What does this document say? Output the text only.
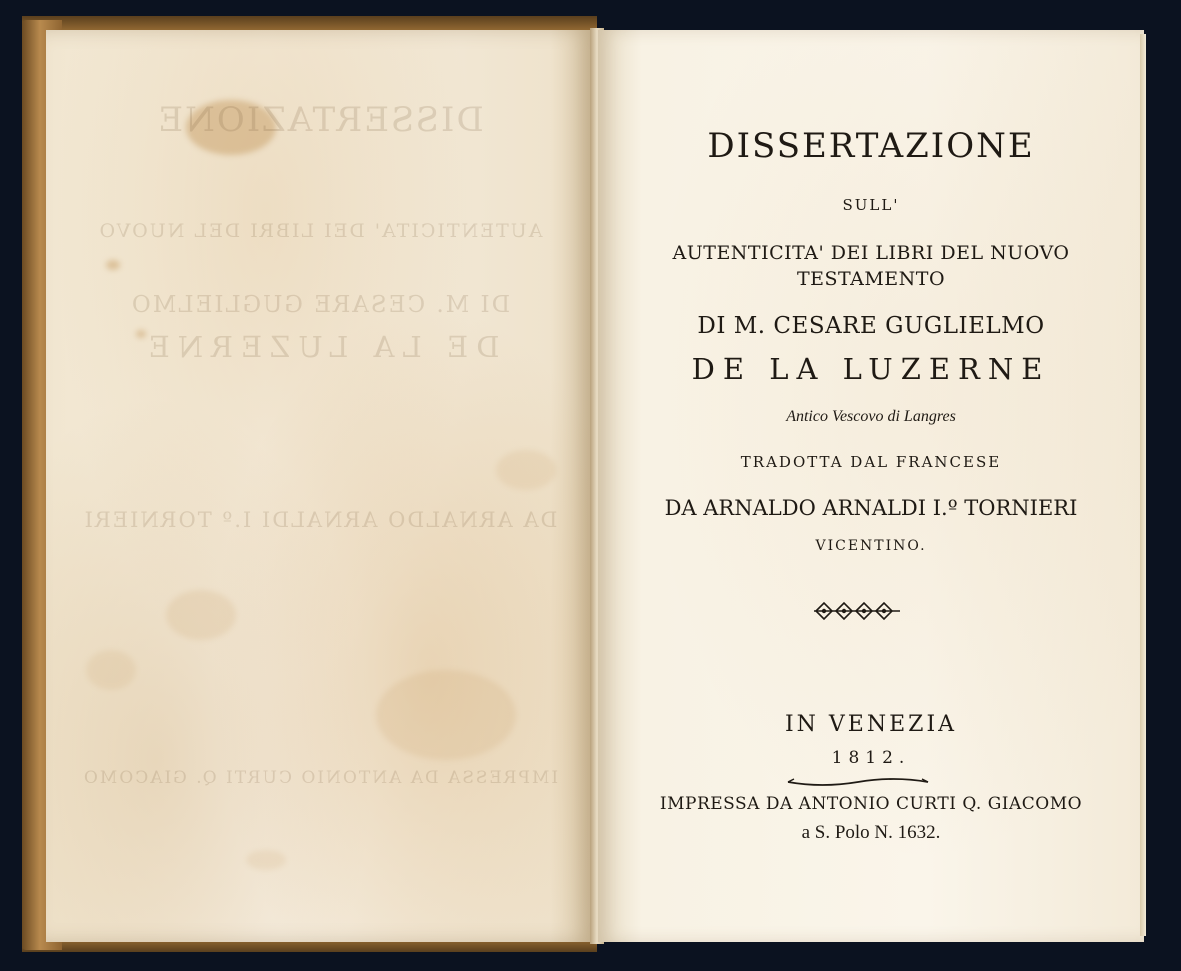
DISSERTAZIONE
AUTENTICITA' DEI LIBRI DEL NUOVO
DI M. CESARE GUGLIELMO
DE LA LUZERNE
DA ARNALDO ARNALDI I.º TORNIERI
IMPRESSA DA ANTONIO CURTI Q. GIACOMO
DISSERTAZIONE
SULL'
AUTENTICITA' DEI LIBRI DEL NUOVO
TESTAMENTO
DI M. CESARE GUGLIELMO
DE LA LUZERNE
Antico Vescovo di Langres
TRADOTTA DAL FRANCESE
DA ARNALDO ARNALDI I.º TORNIERI
VICENTINO.
IN VENEZIA
1812.
IMPRESSA DA ANTONIO CURTI Q. GIACOMO
a S. Polo N. 1632.
